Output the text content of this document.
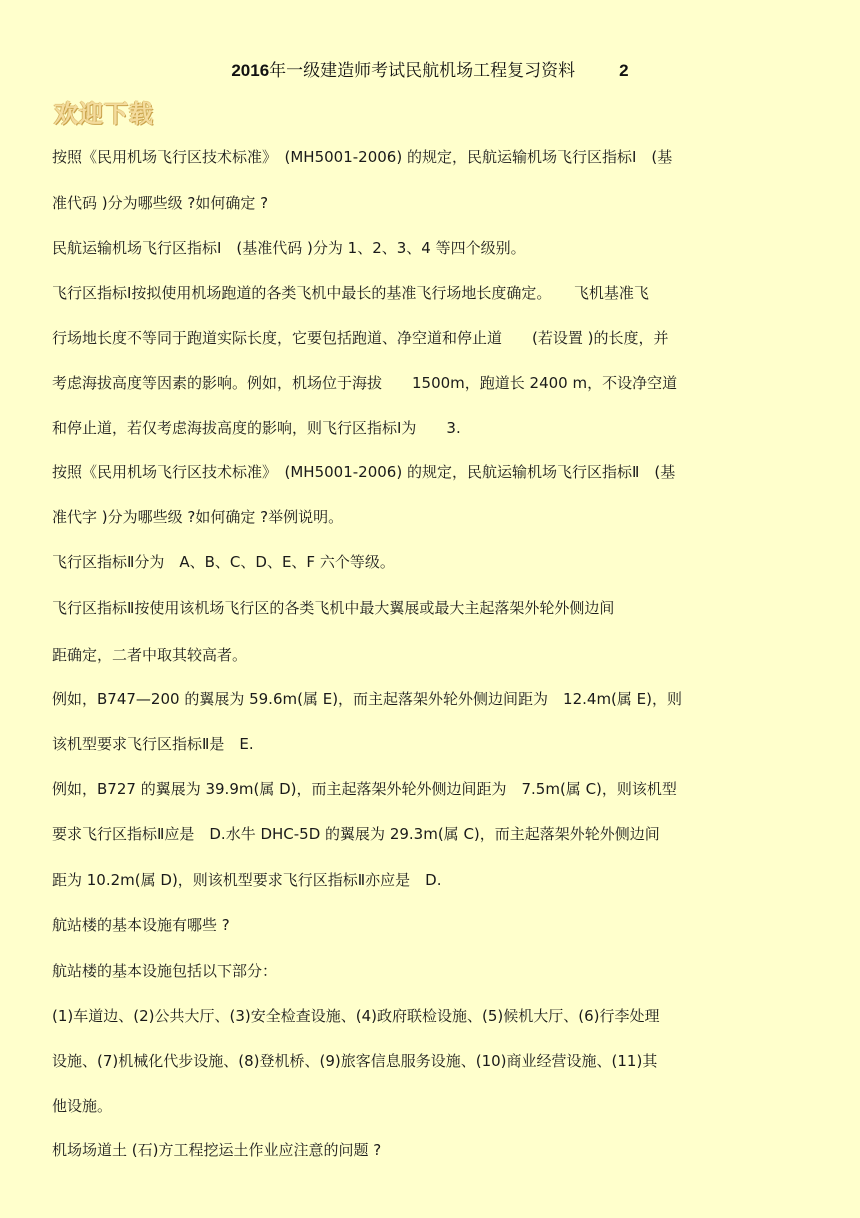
2016年一级建造师考试民航机场工程复习资料	2
欢迎下载
按照《民用机场飞行区技术标准》　(MH5001-2006) 的规定，民航运输机场飞行区指标Ⅰ　(基
准代码 )分为哪些级 ?如何确定 ?
民航运输机场飞行区指标Ⅰ　(基准代码 )分为 1、2、3、4 等四个级别。
飞行区指标Ⅰ按拟使用机场跑道的各类飞机中最长的基准飞行场地长度确定。　　飞机基准飞
行场地长度不等同于跑道实际长度，它要包括跑道、净空道和停止道　　(若设置 )的长度，并
考虑海拔高度等因素的影响。例如，机场位于海拔　　1500m，跑道长 2400 m，不设净空道
和停止道，若仅考虑海拔高度的影响，则飞行区指标Ⅰ为　　3.
按照《民用机场飞行区技术标准》　(MH5001-2006) 的规定，民航运输机场飞行区指标Ⅱ　(基
准代字 )分为哪些级 ?如何确定 ?举例说明。
飞行区指标Ⅱ分为　A、B、C、D、E、F 六个等级。
飞行区指标Ⅱ按使用该机场飞行区的各类飞机中最大翼展或最大主起落架外轮外侧边间
距确定，二者中取其较高者。
例如，B747—200 的翼展为 59.6m(属 E)，而主起落架外轮外侧边间距为　12.4m(属 E)，则
该机型要求飞行区指标Ⅱ是　E.
例如，B727 的翼展为 39.9m(属 D)，而主起落架外轮外侧边间距为　7.5m(属 C)，则该机型
要求飞行区指标Ⅱ应是　D.水牛 DHC-5D 的翼展为 29.3m(属 C)，而主起落架外轮外侧边间
距为 10.2m(属 D)，则该机型要求飞行区指标Ⅱ亦应是　D.
航站楼的基本设施有哪些 ?
航站楼的基本设施包括以下部分：
(1)车道边、(2)公共大厅、(3)安全检查设施、(4)政府联检设施、(5)候机大厅、(6)行李处理
设施、(7)机械化代步设施、(8)登机桥、(9)旅客信息服务设施、(10)商业经营设施、(11)其
他设施。
机场场道土 (石)方工程挖运土作业应注意的问题 ?
